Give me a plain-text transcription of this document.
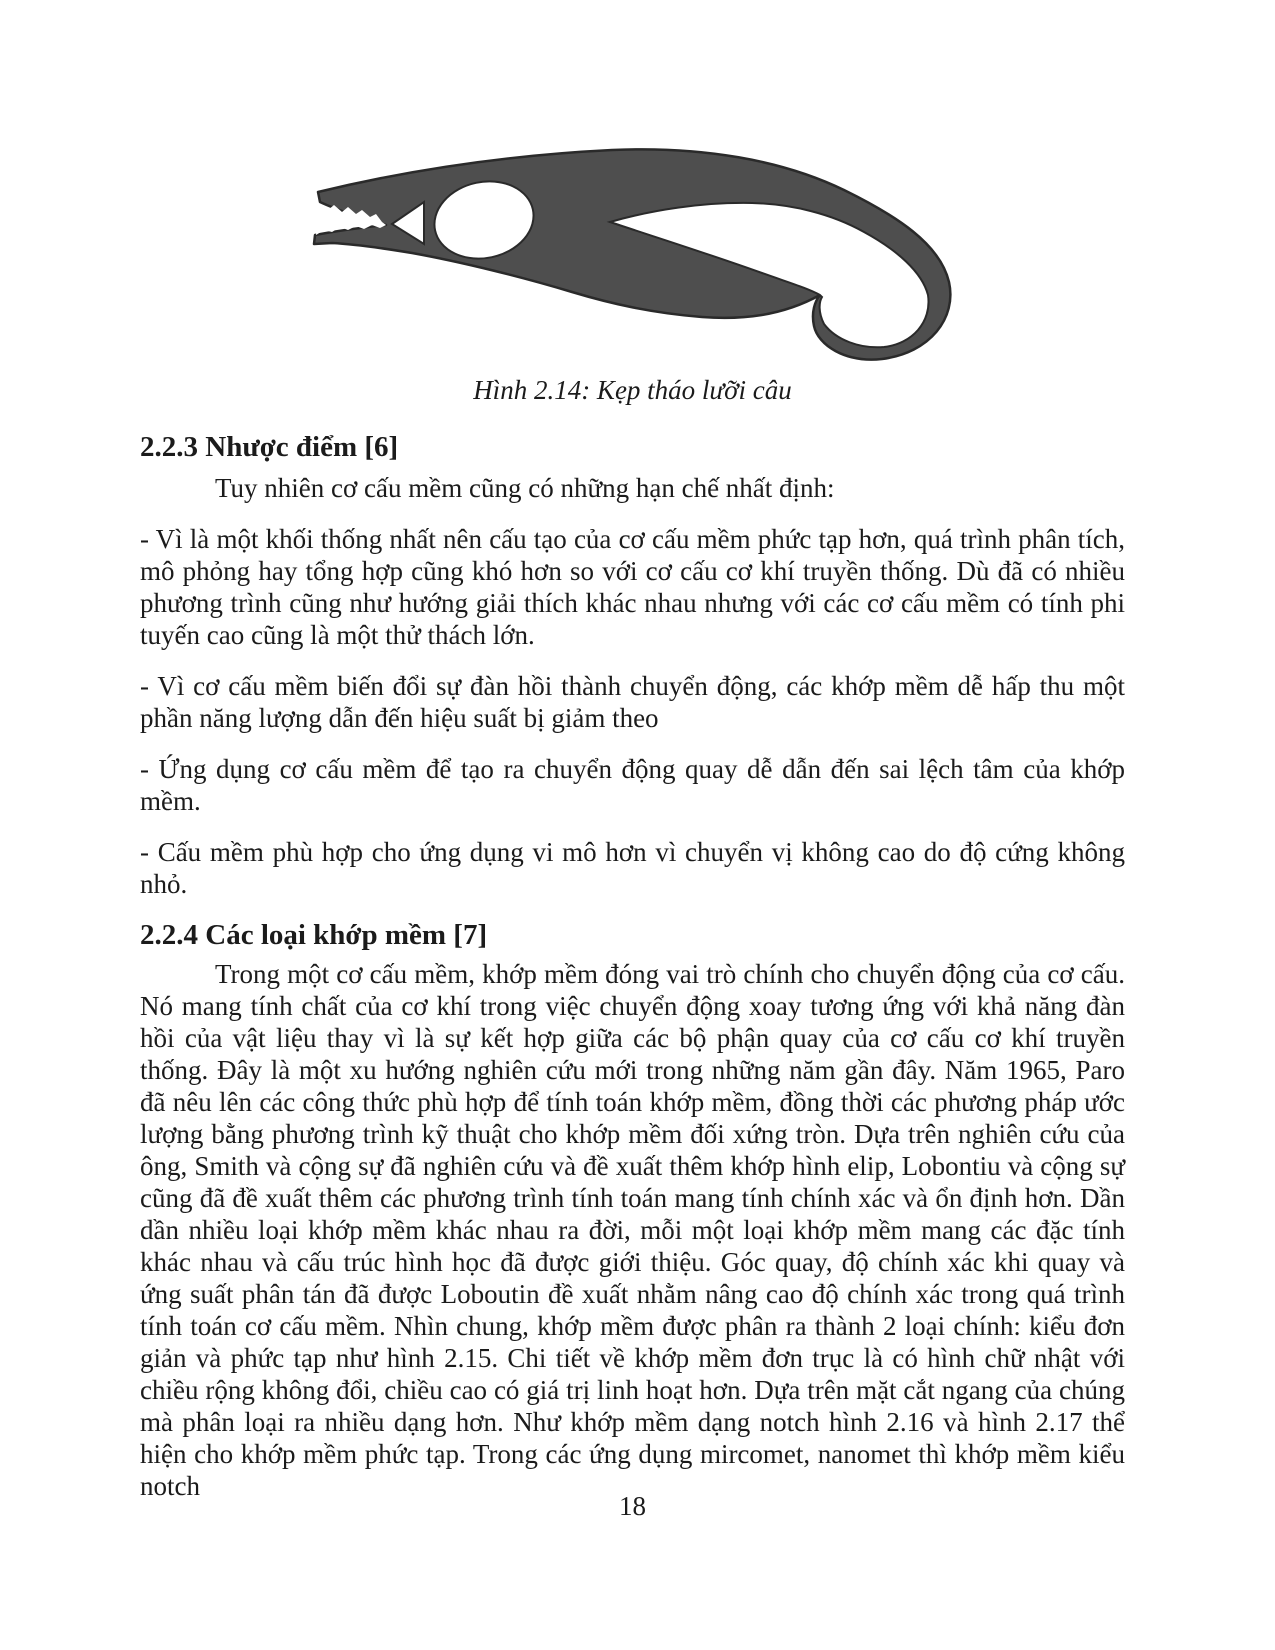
Hình 2.14: Kẹp tháo lưỡi câu
2.2.3 Nhược điểm [6]

Tuy nhiên cơ cấu mềm cũng có những hạn chế nhất định:

- Vì là một khối thống nhất nên cấu tạo của cơ cấu mềm phức tạp hơn, quá trình phân tích, mô phỏng hay tổng hợp cũng khó hơn so với cơ cấu cơ khí truyền thống. Dù đã có nhiều phương trình cũng như hướng giải thích khác nhau nhưng với các cơ cấu mềm có tính phi tuyến cao cũng là một thử thách lớn.

- Vì cơ cấu mềm biến đổi sự đàn hồi thành chuyển động, các khớp mềm dễ hấp thu một phần năng lượng dẫn đến hiệu suất bị giảm theo

- Ứng dụng cơ cấu mềm để tạo ra chuyển động quay dễ dẫn đến sai lệch tâm của khớp mềm.

- Cấu mềm phù hợp cho ứng dụng vi mô hơn vì chuyển vị không cao do độ cứng không nhỏ.

2.2.4 Các loại khớp mềm [7]

Trong một cơ cấu mềm, khớp mềm đóng vai trò chính cho chuyển động của cơ cấu. Nó mang tính chất của cơ khí trong việc chuyển động xoay tương ứng với khả năng đàn hồi của vật liệu thay vì là sự kết hợp giữa các bộ phận quay của cơ cấu cơ khí truyền thống. Đây là một xu hướng nghiên cứu mới trong những năm gần đây. Năm 1965, Paro đã nêu lên các công thức phù hợp để tính toán khớp mềm, đồng thời các phương pháp ước lượng bằng phương trình kỹ thuật cho khớp mềm đối xứng tròn. Dựa trên nghiên cứu của ông, Smith và cộng sự đã nghiên cứu và đề xuất thêm khớp hình elip, Lobontiu và cộng sự cũng đã đề xuất thêm các phương trình tính toán mang tính chính xác và ổn định hơn. Dần dần nhiều loại khớp mềm khác nhau ra đời, mỗi một loại khớp mềm mang các đặc tính khác nhau và cấu trúc hình học đã được giới thiệu. Góc quay, độ chính xác khi quay và ứng suất phân tán đã được Loboutin đề xuất nhằm nâng cao độ chính xác trong quá trình tính toán cơ cấu mềm. Nhìn chung, khớp mềm được phân ra thành 2 loại chính: kiểu đơn giản và phức tạp như hình 2.15. Chi tiết về khớp mềm đơn trục là có hình chữ nhật với chiều rộng không đổi, chiều cao có giá trị linh hoạt hơn. Dựa trên mặt cắt ngang của chúng mà phân loại ra nhiều dạng hơn. Như khớp mềm dạng notch hình 2.16 và hình 2.17 thể hiện cho khớp mềm phức tạp. Trong các ứng dụng mircomet, nanomet thì khớp mềm kiểu notch

18
